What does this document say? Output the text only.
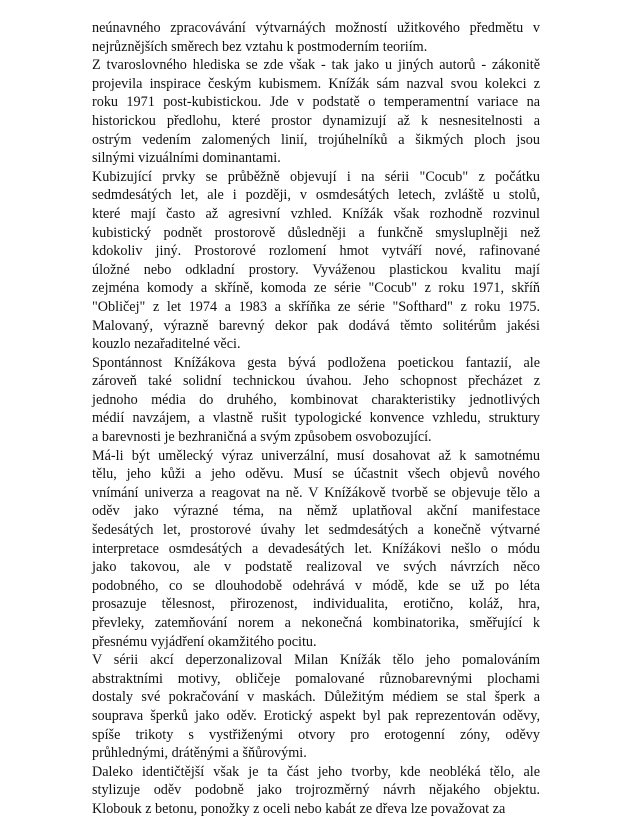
neúnavného zpracovávání výtvarnáých možností užitkového předmětu v
nejrůznějších směrech bez vztahu k postmoderním teoriím.

Z tvaroslovného hlediska se zde však - tak jako u jiných autorů - zákonitě
projevila inspirace českým kubismem. Knížák sám nazval svou kolekci z
roku 1971 post-kubistickou. Jde v podstatě o temperamentní variace na
historickou předlohu, které prostor dynamizují až k nesnesitelnosti a
ostrým vedením zalomených linií, trojúhelníků a šikmých ploch jsou
silnými vizuálními dominantami.

Kubizující prvky se průběžně objevují i na sérii "Cocub" z počátku
sedmdesátých let, ale i později, v osmdesátých letech, zvláště u stolů,
které mají často až agresivní vzhled. Knížák však rozhodně rozvinul
kubistický podnět prostorově důsledněji a funkčně smysluplněji než
kdokoliv jiný. Prostorové rozlomení hmot vytváří nové, rafinované
úložné nebo odkladní prostory. Vyváženou plastickou kvalitu mají
zejména komody a skříně, komoda ze série "Cocub" z roku 1971, skříň
"Obličej" z let 1974 a 1983 a skříňka ze série "Softhard" z roku 1975.
Malovaný, výrazně barevný dekor pak dodává těmto solitérům jakési
kouzlo nezařaditelné věci.

Spontánnost Knížákova gesta bývá podložena poetickou fantazií, ale
zároveň také solidní technickou úvahou. Jeho schopnost přecházet z
jednoho média do druhého, kombinovat charakteristiky jednotlivých
médií navzájem, a vlastně rušit typologické konvence vzhledu, struktury
a barevnosti je bezhraničná a svým způsobem osvobozující.

Má-li být umělecký výraz univerzální, musí dosahovat až k samotnému
tělu, jeho kůži a jeho oděvu. Musí se účastnit všech objevů nového
vnímání univerza a reagovat na ně. V Knížákově tvorbě se objevuje tělo a
oděv jako výrazné téma, na němž uplatňoval akční manifestace
šedesátých let, prostorové úvahy let sedmdesátých a konečně výtvarné
interpretace osmdesátých a devadesátých let. Knížákovi nešlo o módu
jako takovou, ale v podstatě realizoval ve svých návrzích něco
podobného, co se dlouhodobě odehrává v módě, kde se už po léta
prosazuje tělesnost, přirozenost, individualita, erotično, koláž, hra,
převleky, zatemňování norem a nekonečná kombinatorika, směřující k
přesnému vyjádření okamžitého pocitu.

V sérii akcí deperzonalizoval Milan Knížák tělo jeho pomalováním
abstraktními motivy, obličeje pomalované různobarevnými plochami
dostaly své pokračování v maskách. Důležitým médiem se stal šperk a
souprava šperků jako oděv. Erotický aspekt byl pak reprezentován oděvy,
spíše trikoty s vystřiženými otvory pro erotogenní zóny, oděvy
průhlednými, drátěnými a šňůrovými.

Daleko identičtější však je ta část jeho tvorby, kde neobléká tělo, ale
stylizuje oděv podobně jako trojrozměrný návrh nějakého objektu.
Klobouk z betonu, ponožky z oceli nebo kabát ze dřeva lze považovat za
